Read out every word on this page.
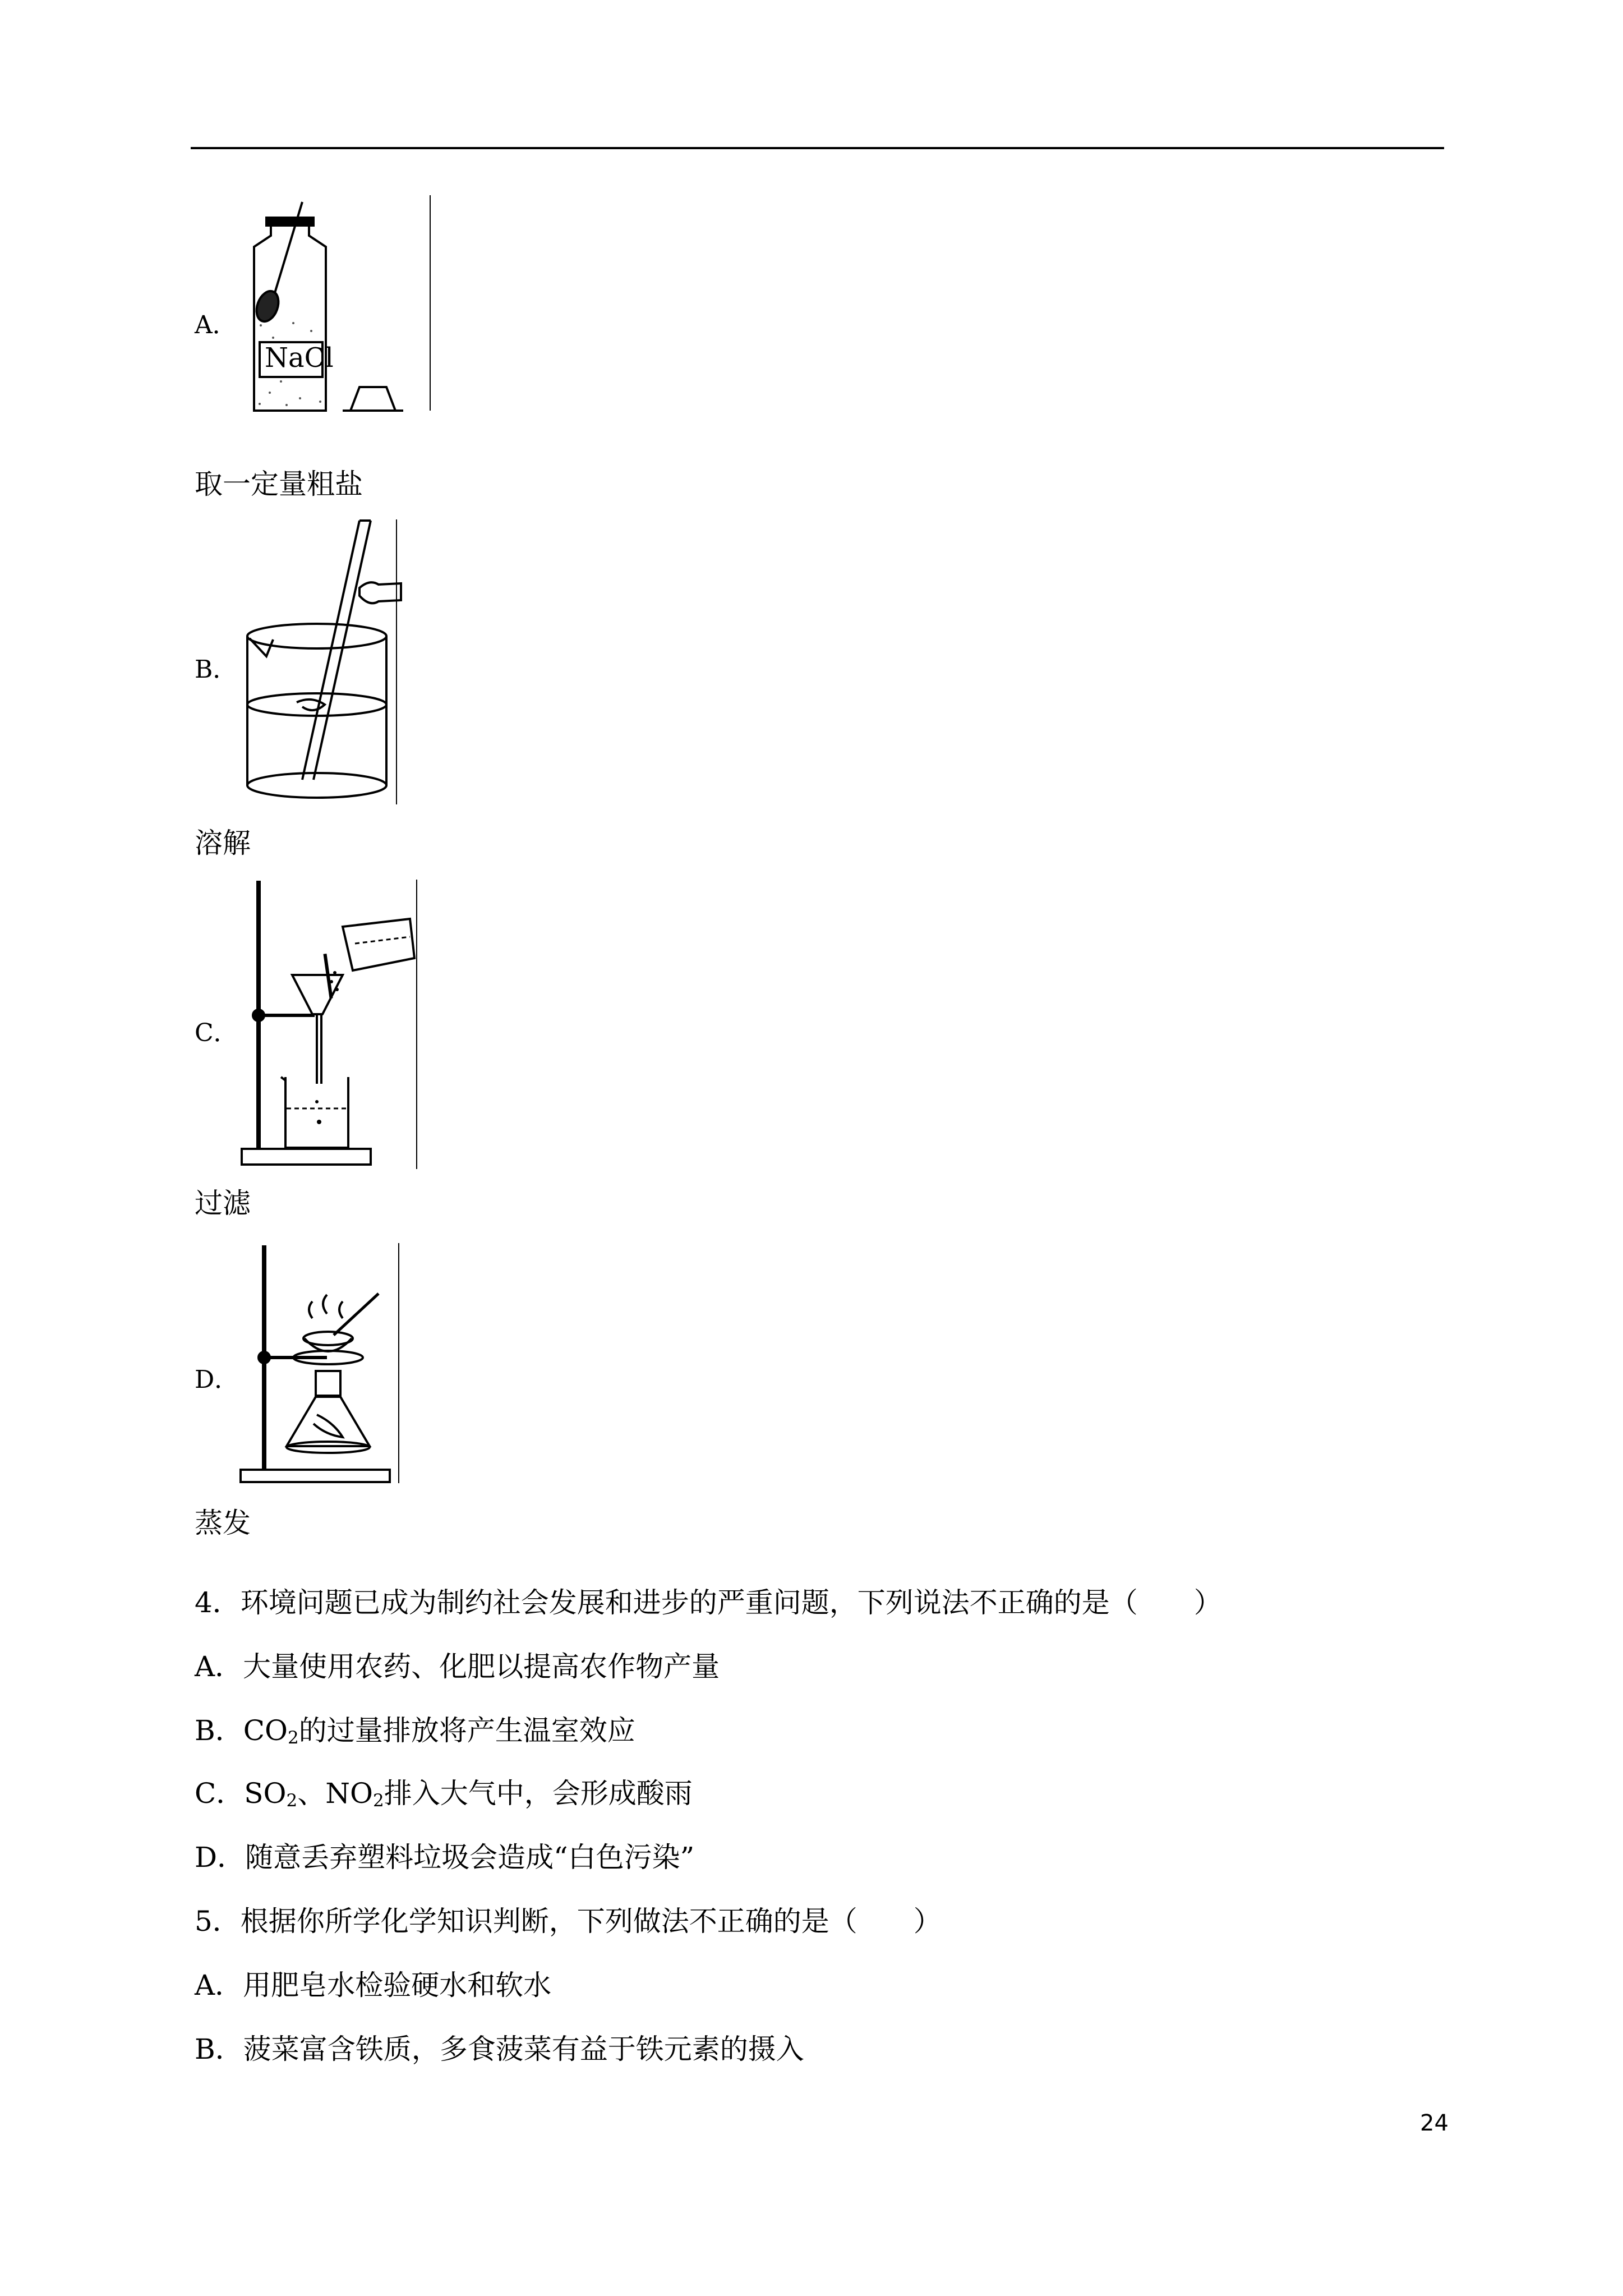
A．
NaCl
取一定量粗盐
B．
溶解
C．
过滤
D．
蒸发
4．环境问题已成为制约社会发展和进步的严重问题，下列说法不正确的是（　　）
A．大量使用农药、化肥以提高农作物产量
B．$CO_2$的过量排放将产生温室效应
C．$SO_2$、$NO_2$排入大气中，会形成酸雨
D．随意丢弃塑料垃圾会造成“白色污染”
5．根据你所学化学知识判断，下列做法不正确的是（　　）
A．用肥皂水检验硬水和软水
B．菠菜富含铁质，多食菠菜有益于铁元素的摄入
24
